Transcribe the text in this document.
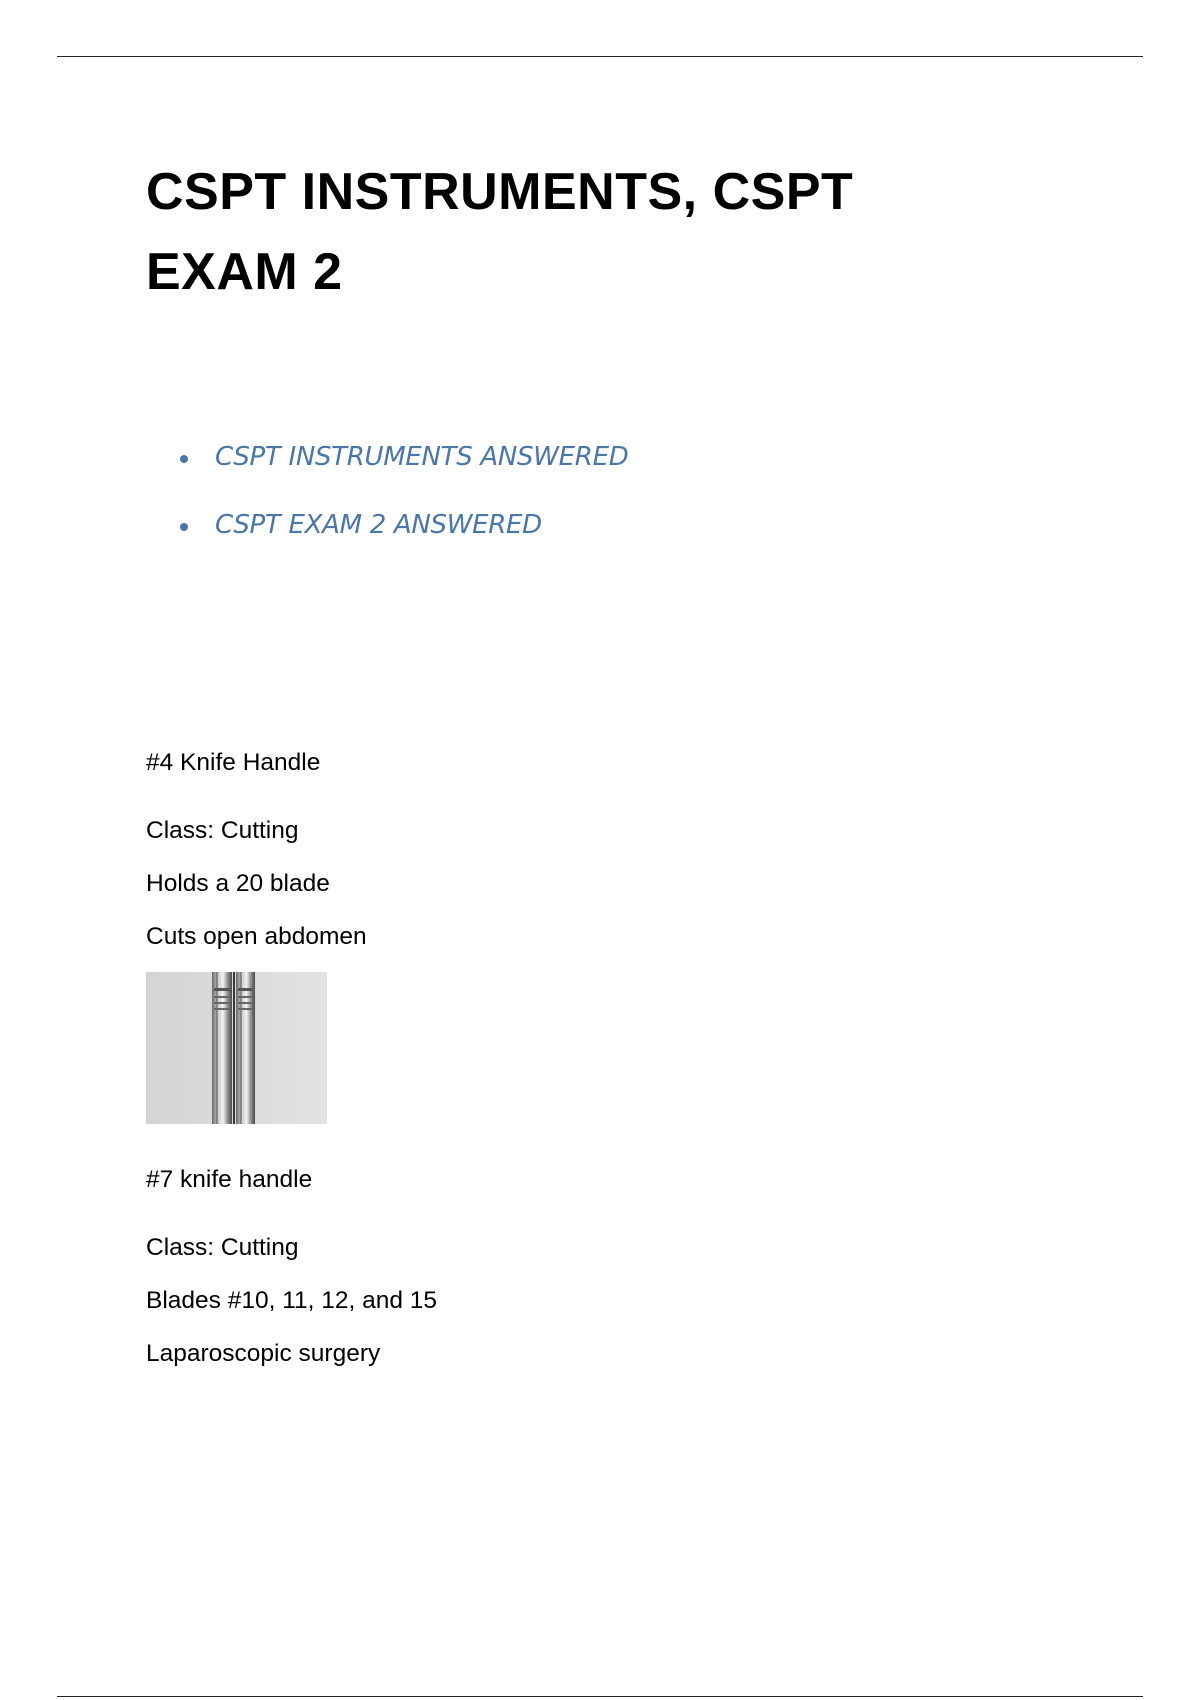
CSPT INSTRUMENTS, CSPT
EXAM 2
CSPT INSTRUMENTS ANSWERED
CSPT EXAM 2 ANSWERED

#4 Knife Handle

Class: Cutting

Holds a 20 blade

Cuts open abdomen

#7 knife handle

Class: Cutting

Blades #10, 11, 12, and 15

Laparoscopic surgery
